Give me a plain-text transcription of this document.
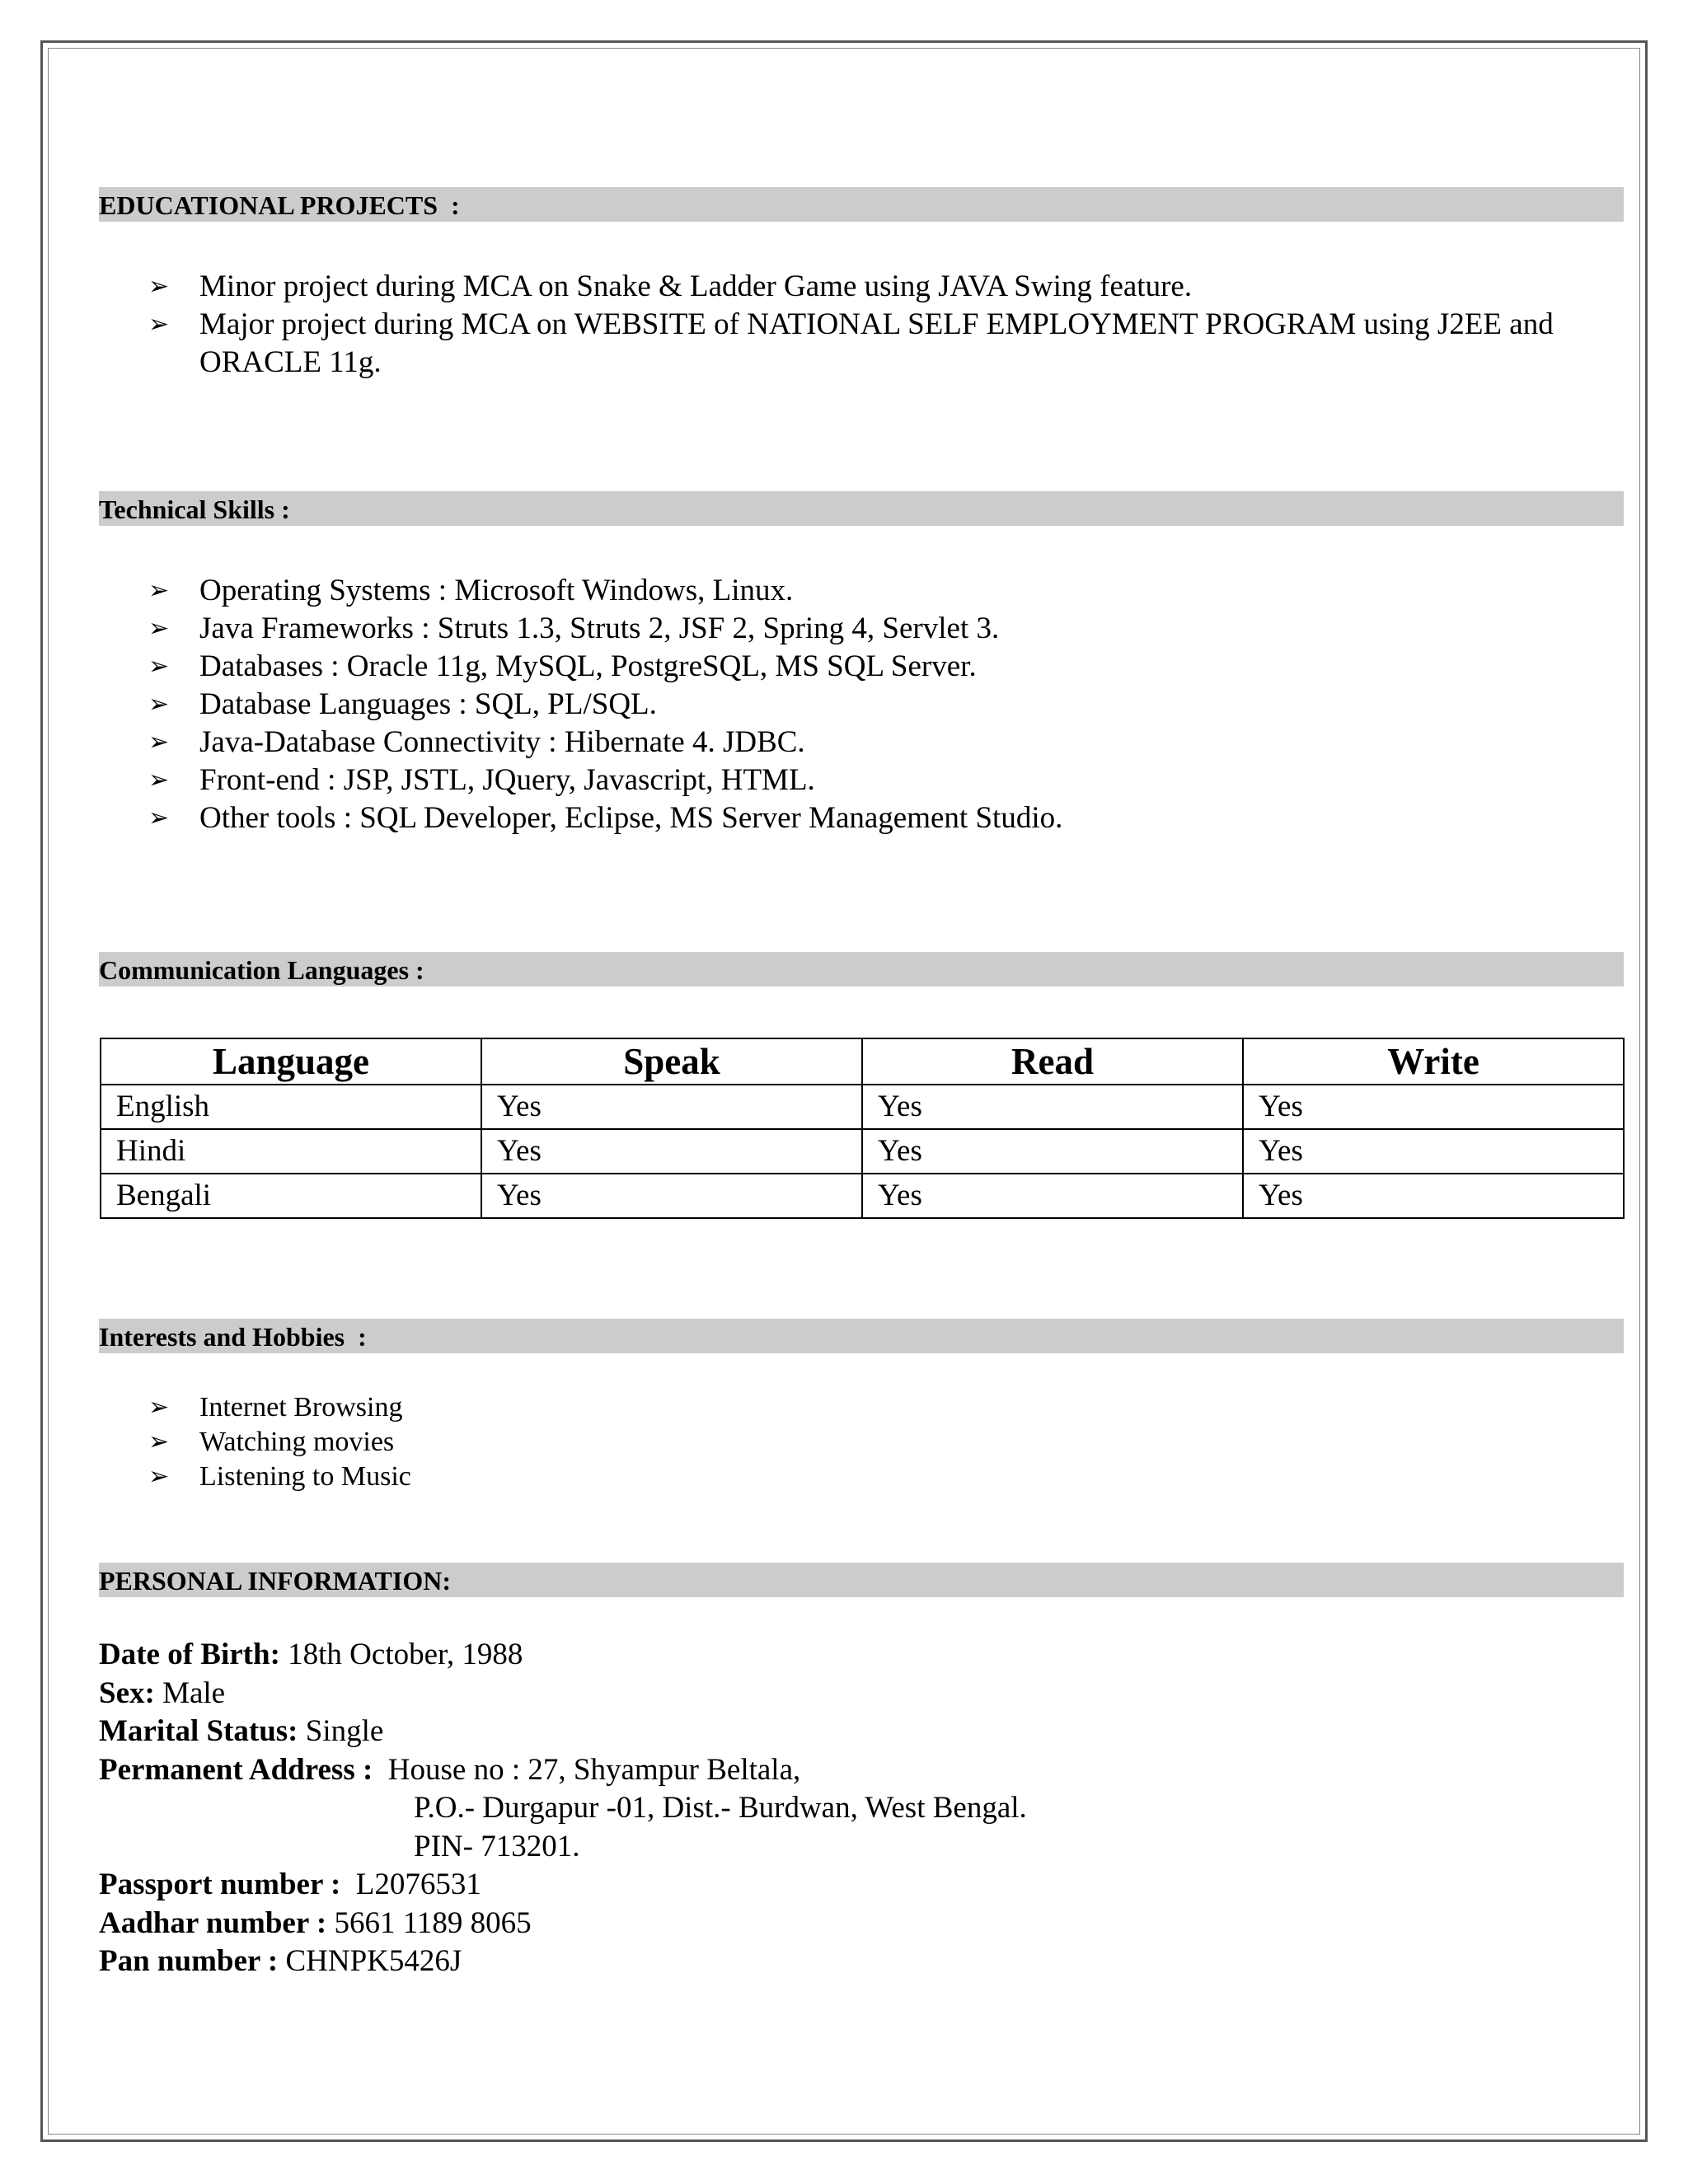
EDUCATIONAL PROJECTS  :
➢ Minor project during MCA on Snake & Ladder Game using JAVA Swing feature.
➢ Major project during MCA on WEBSITE of NATIONAL SELF EMPLOYMENT PROGRAM using J2EE and ORACLE 11g.
Technical Skills :
➢ Operating Systems : Microsoft Windows, Linux.
➢ Java Frameworks : Struts 1.3, Struts 2, JSF 2, Spring 4, Servlet 3.
➢ Databases : Oracle 11g, MySQL, PostgreSQL, MS SQL Server.
➢ Database Languages : SQL, PL/SQL.
➢ Java-Database Connectivity : Hibernate 4. JDBC.
➢ Front-end : JSP, JSTL, JQuery, Javascript, HTML.
➢ Other tools : SQL Developer, Eclipse, MS Server Management Studio.
Communication Languages :
Language	Speak	Read	Write
English	Yes	Yes	Yes
Hindi	Yes	Yes	Yes
Bengali	Yes	Yes	Yes
Interests and Hobbies  :
➢ Internet Browsing
➢ Watching movies
➢ Listening to Music
PERSONAL INFORMATION:
Date of Birth: 18th October, 1988
Sex: Male
Marital Status: Single
Permanent Address : House no : 27, Shyampur Beltala,
P.O.- Durgapur -01, Dist.- Burdwan, West Bengal.
PIN- 713201.
Passport number : L2076531
Aadhar number : 5661 1189 8065
Pan number : CHNPK5426J
